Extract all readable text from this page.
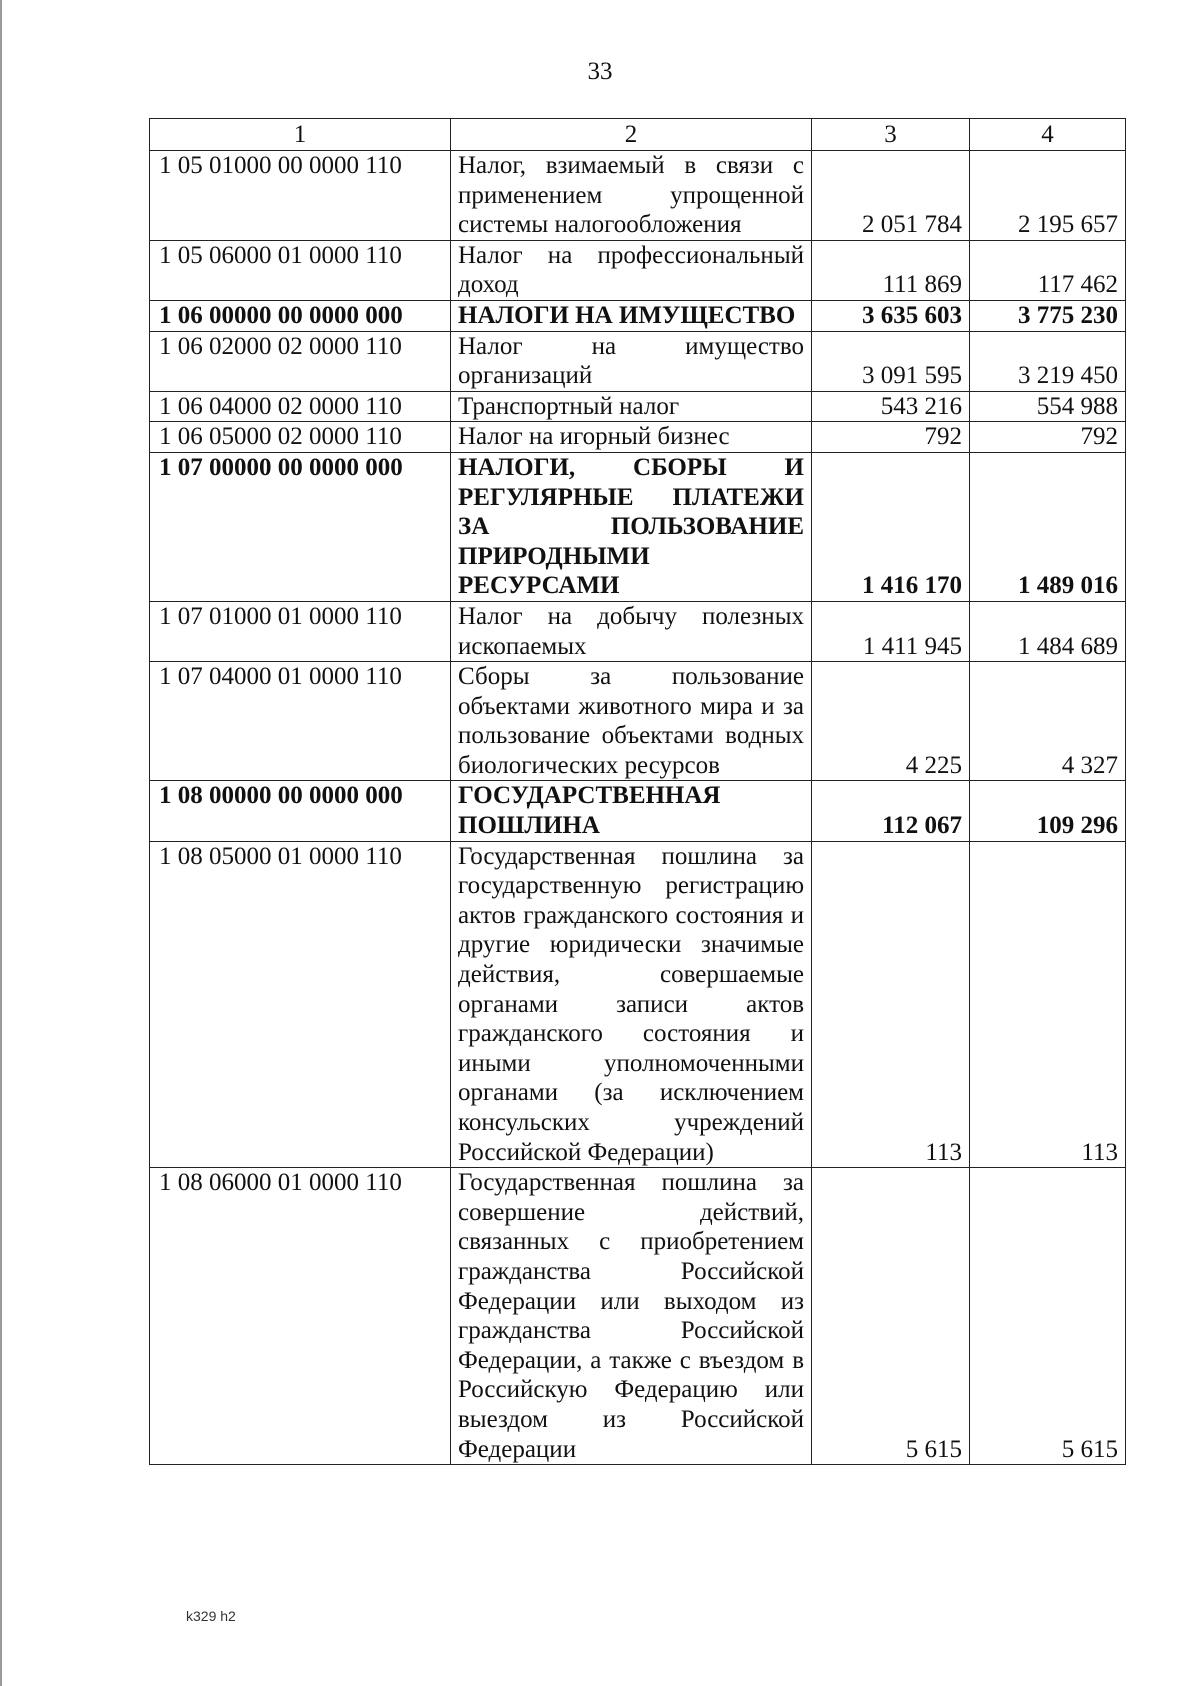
33
1	2	3	4
1 05 01000 00 0000 110	Налог, взимаемый в связи с применением упрощенной системы налогообложения	2 051 784	2 195 657
1 05 06000 01 0000 110	Налог на профессиональный доход	111 869	117 462
1 06 00000 00 0000 000	НАЛОГИ НА ИМУЩЕСТВО	3 635 603	3 775 230
1 06 02000 02 0000 110	Налог на имущество организаций	3 091 595	3 219 450
1 06 04000 02 0000 110	Транспортный налог	543 216	554 988
1 06 05000 02 0000 110	Налог на игорный бизнес	792	792
1 07 00000 00 0000 000	НАЛОГИ, СБОРЫ И РЕГУЛЯРНЫЕ ПЛАТЕЖИ ЗА ПОЛЬЗОВАНИЕ ПРИРОДНЫМИ РЕСУРСАМИ	1 416 170	1 489 016
1 07 01000 01 0000 110	Налог на добычу полезных ископаемых	1 411 945	1 484 689
1 07 04000 01 0000 110	Сборы за пользование объектами животного мира и за пользование объектами водных биологических ресурсов	4 225	4 327
1 08 00000 00 0000 000	ГОСУДАРСТВЕННАЯ ПОШЛИНА	112 067	109 296
1 08 05000 01 0000 110	Государственная пошлина за государственную регистрацию актов гражданского состояния и другие юридически значимые действия, совершаемые органами записи актов гражданского состояния и иными уполномоченными органами (за исключением консульских учреждений Российской Федерации)	113	113
1 08 06000 01 0000 110	Государственная пошлина за совершение действий, связанных с приобретением гражданства Российской Федерации или выходом из гражданства Российской Федерации, а также с въездом в Российскую Федерацию или выездом из Российской Федерации	5 615	5 615
k329 h2
